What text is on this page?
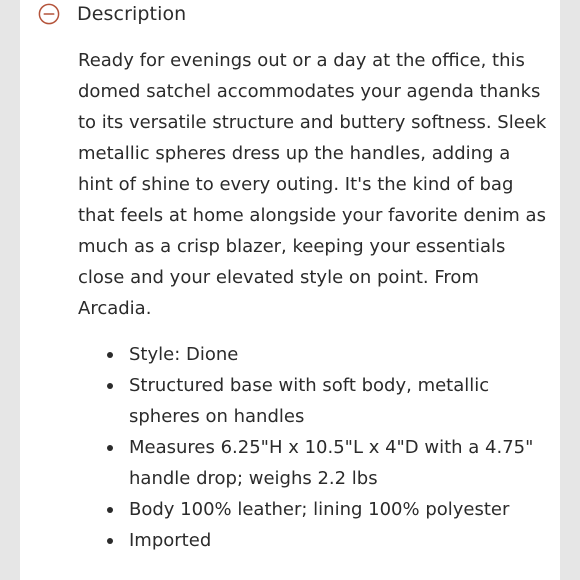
Description

Ready for evenings out or a day at the office, this domed satchel accommodates your agenda thanks to its versatile structure and buttery softness. Sleek metallic spheres dress up the handles, adding a hint of shine to every outing. It's the kind of bag that feels at home alongside your favorite denim as much as a crisp blazer, keeping your essentials close and your elevated style on point. From Arcadia.

Style: Dione
Structured base with soft body, metallic spheres on handles
Measures 6.25"H x 10.5"L x 4"D with a 4.75" handle drop; weighs 2.2 lbs
Body 100% leather; lining 100% polyester
Imported
